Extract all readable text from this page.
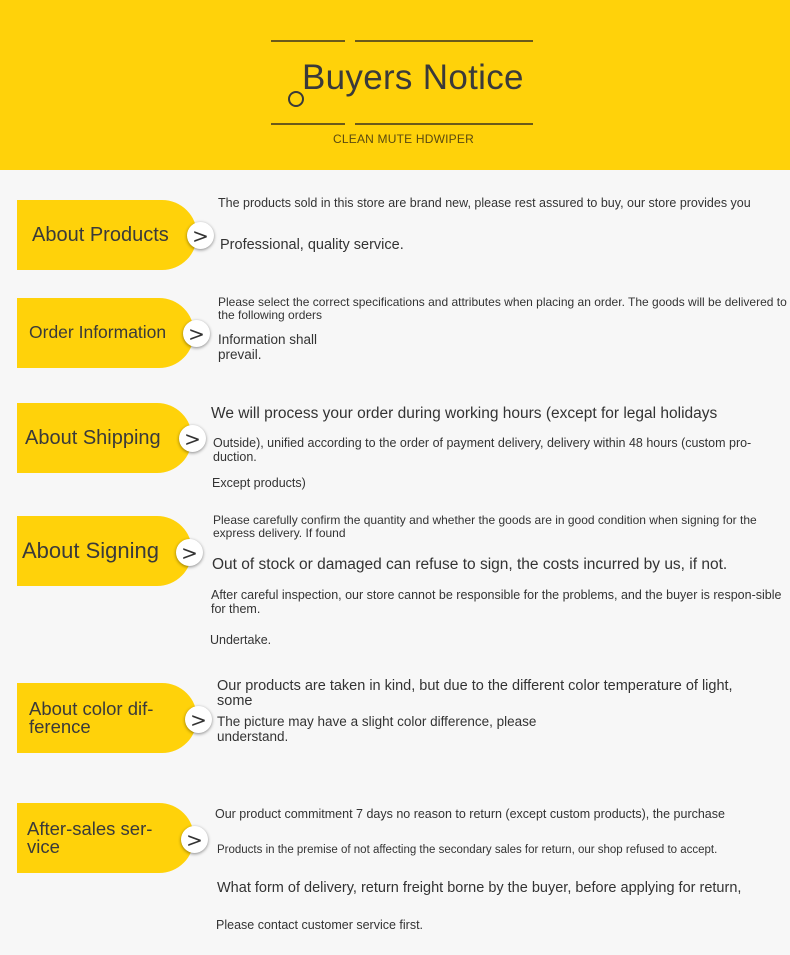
Buyers Notice
CLEAN MUTE HDWIPER
About Products >
The products sold in this store are brand new, please rest assured to buy, our store provides you
Professional, quality service.
Order Information >
Please select the correct specifications and attributes when placing an order. The goods will be delivered to the following orders
Information shall prevail.
About Shipping >
We will process your order during working hours (except for legal holidays
Outside), unified according to the order of payment delivery, delivery within 48 hours (custom pro-duction.
Except products)
About Signing >
Please carefully confirm the quantity and whether the goods are in good condition when signing for the express delivery. If found
Out of stock or damaged can refuse to sign, the costs incurred by us, if not.
After careful inspection, our store cannot be responsible for the problems, and the buyer is respon-sible for them.
Undertake.
About color dif-ference	>
Our products are taken in kind, but due to the different color temperature of light, some
The picture may have a slight color difference, please understand.
After-sales ser-vice	>
Our product commitment 7 days no reason to return (except custom products), the purchase
Products in the premise of not affecting the secondary sales for return, our shop refused to accept.
What form of delivery, return freight borne by the buyer, before applying for return,
Please contact customer service first.
